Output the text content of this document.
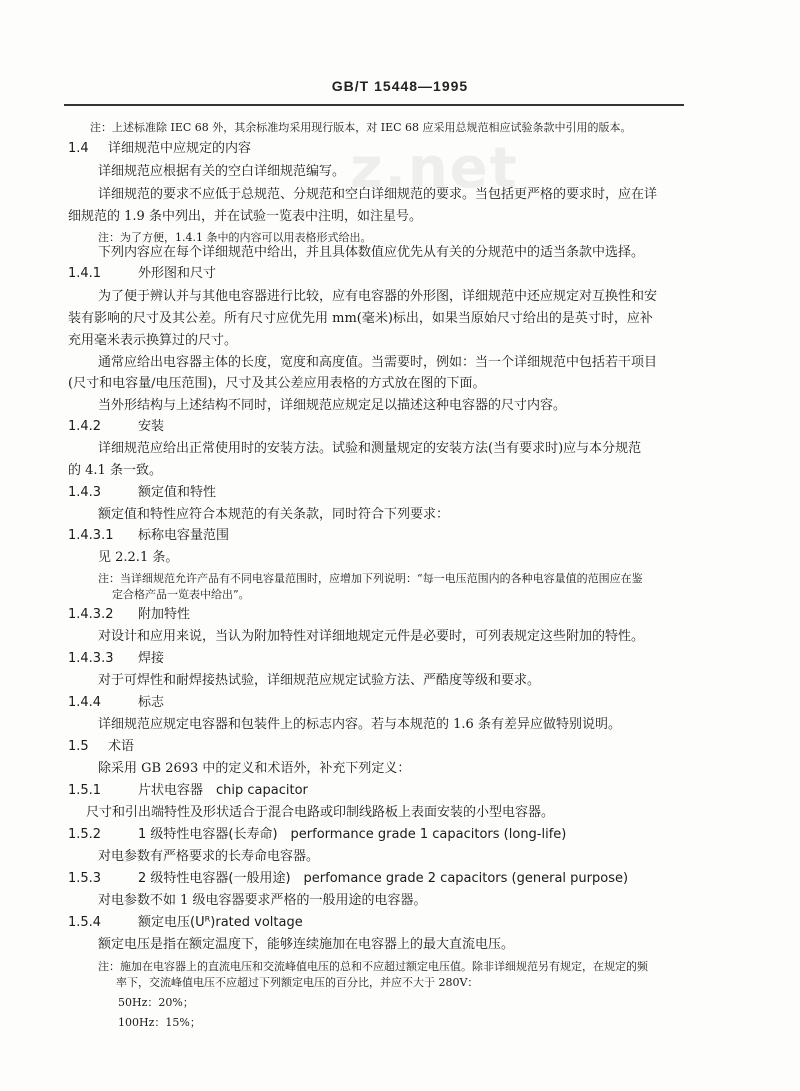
GB/T 15448—1995
z.net
注：上述标准除 IEC 68 外，其余标准均采用现行版本，对 IEC 68 应采用总规范相应试验条款中引用的版本。
1.4 详细规范中应规定的内容
详细规范应根据有关的空白详细规范编写。
详细规范的要求不应低于总规范、分规范和空白详细规范的要求。当包括更严格的要求时，应在详
细规范的 1.9 条中列出，并在试验一览表中注明，如注星号。
注：为了方便，1.4.1 条中的内容可以用表格形式给出。
下列内容应在每个详细规范中给出，并且具体数值应优先从有关的分规范中的适当条款中选择。
1.4.1	外形图和尺寸
为了便于辨认并与其他电容器进行比较，应有电容器的外形图，详细规范中还应规定对互换性和安
装有影响的尺寸及其公差。所有尺寸应优先用 mm(毫米)标出，如果当原始尺寸给出的是英寸时，应补
充用毫米表示换算过的尺寸。
通常应给出电容器主体的长度，宽度和高度值。当需要时，例如：当一个详细规范中包括若干项目
(尺寸和电容量/电压范围)，尺寸及其公差应用表格的方式放在图的下面。
当外形结构与上述结构不同时，详细规范应规定足以描述这种电容器的尺寸内容。
1.4.2	安装
详细规范应给出正常使用时的安装方法。试验和测量规定的安装方法(当有要求时)应与本分规范
的 4.1 条一致。
1.4.3	额定值和特性
额定值和特性应符合本规范的有关条款，同时符合下列要求：
1.4.3.1 标称电容量范围
见 2.2.1 条。
注：当详细规范允许产品有不同电容量范围时，应增加下列说明：“每一电压范围内的各种电容量值的范围应在鉴
定合格产品一览表中给出”。
1.4.3.2 附加特性
对设计和应用来说，当认为附加特性对详细地规定元件是必要时，可列表规定这些附加的特性。
1.4.3.3 焊接
对于可焊性和耐焊接热试验，详细规范应规定试验方法、严酷度等级和要求。
1.4.4	标志
详细规范应规定电容器和包装件上的标志内容。若与本规范的 1.6 条有差异应做特别说明。
1.5 术语
除采用 GB 2693 中的定义和术语外，补充下列定义：
1.5.1	片状电容器　chip capacitor
尺寸和引出端特性及形状适合于混合电路或印制线路板上表面安装的小型电容器。
1.5.2	1 级特性电容器(长寿命)　performance grade 1 capacitors (long-life)
对电参数有严格要求的长寿命电容器。
1.5.3	2 级特性电容器(一般用途)　perfomance grade 2 capacitors (general purpose)
对电参数不如 1 级电容器要求严格的一般用途的电容器。
1.5.4	额定电压(Uᴿ)rated voltage
额定电压是指在额定温度下，能够连续施加在电容器上的最大直流电压。
注：施加在电容器上的直流电压和交流峰值电压的总和不应超过额定电压值。除非详细规范另有规定，在规定的频
率下，交流峰值电压不应超过下列额定电压的百分比，并应不大于 280V：
50Hz：20%；
100Hz：15%；
